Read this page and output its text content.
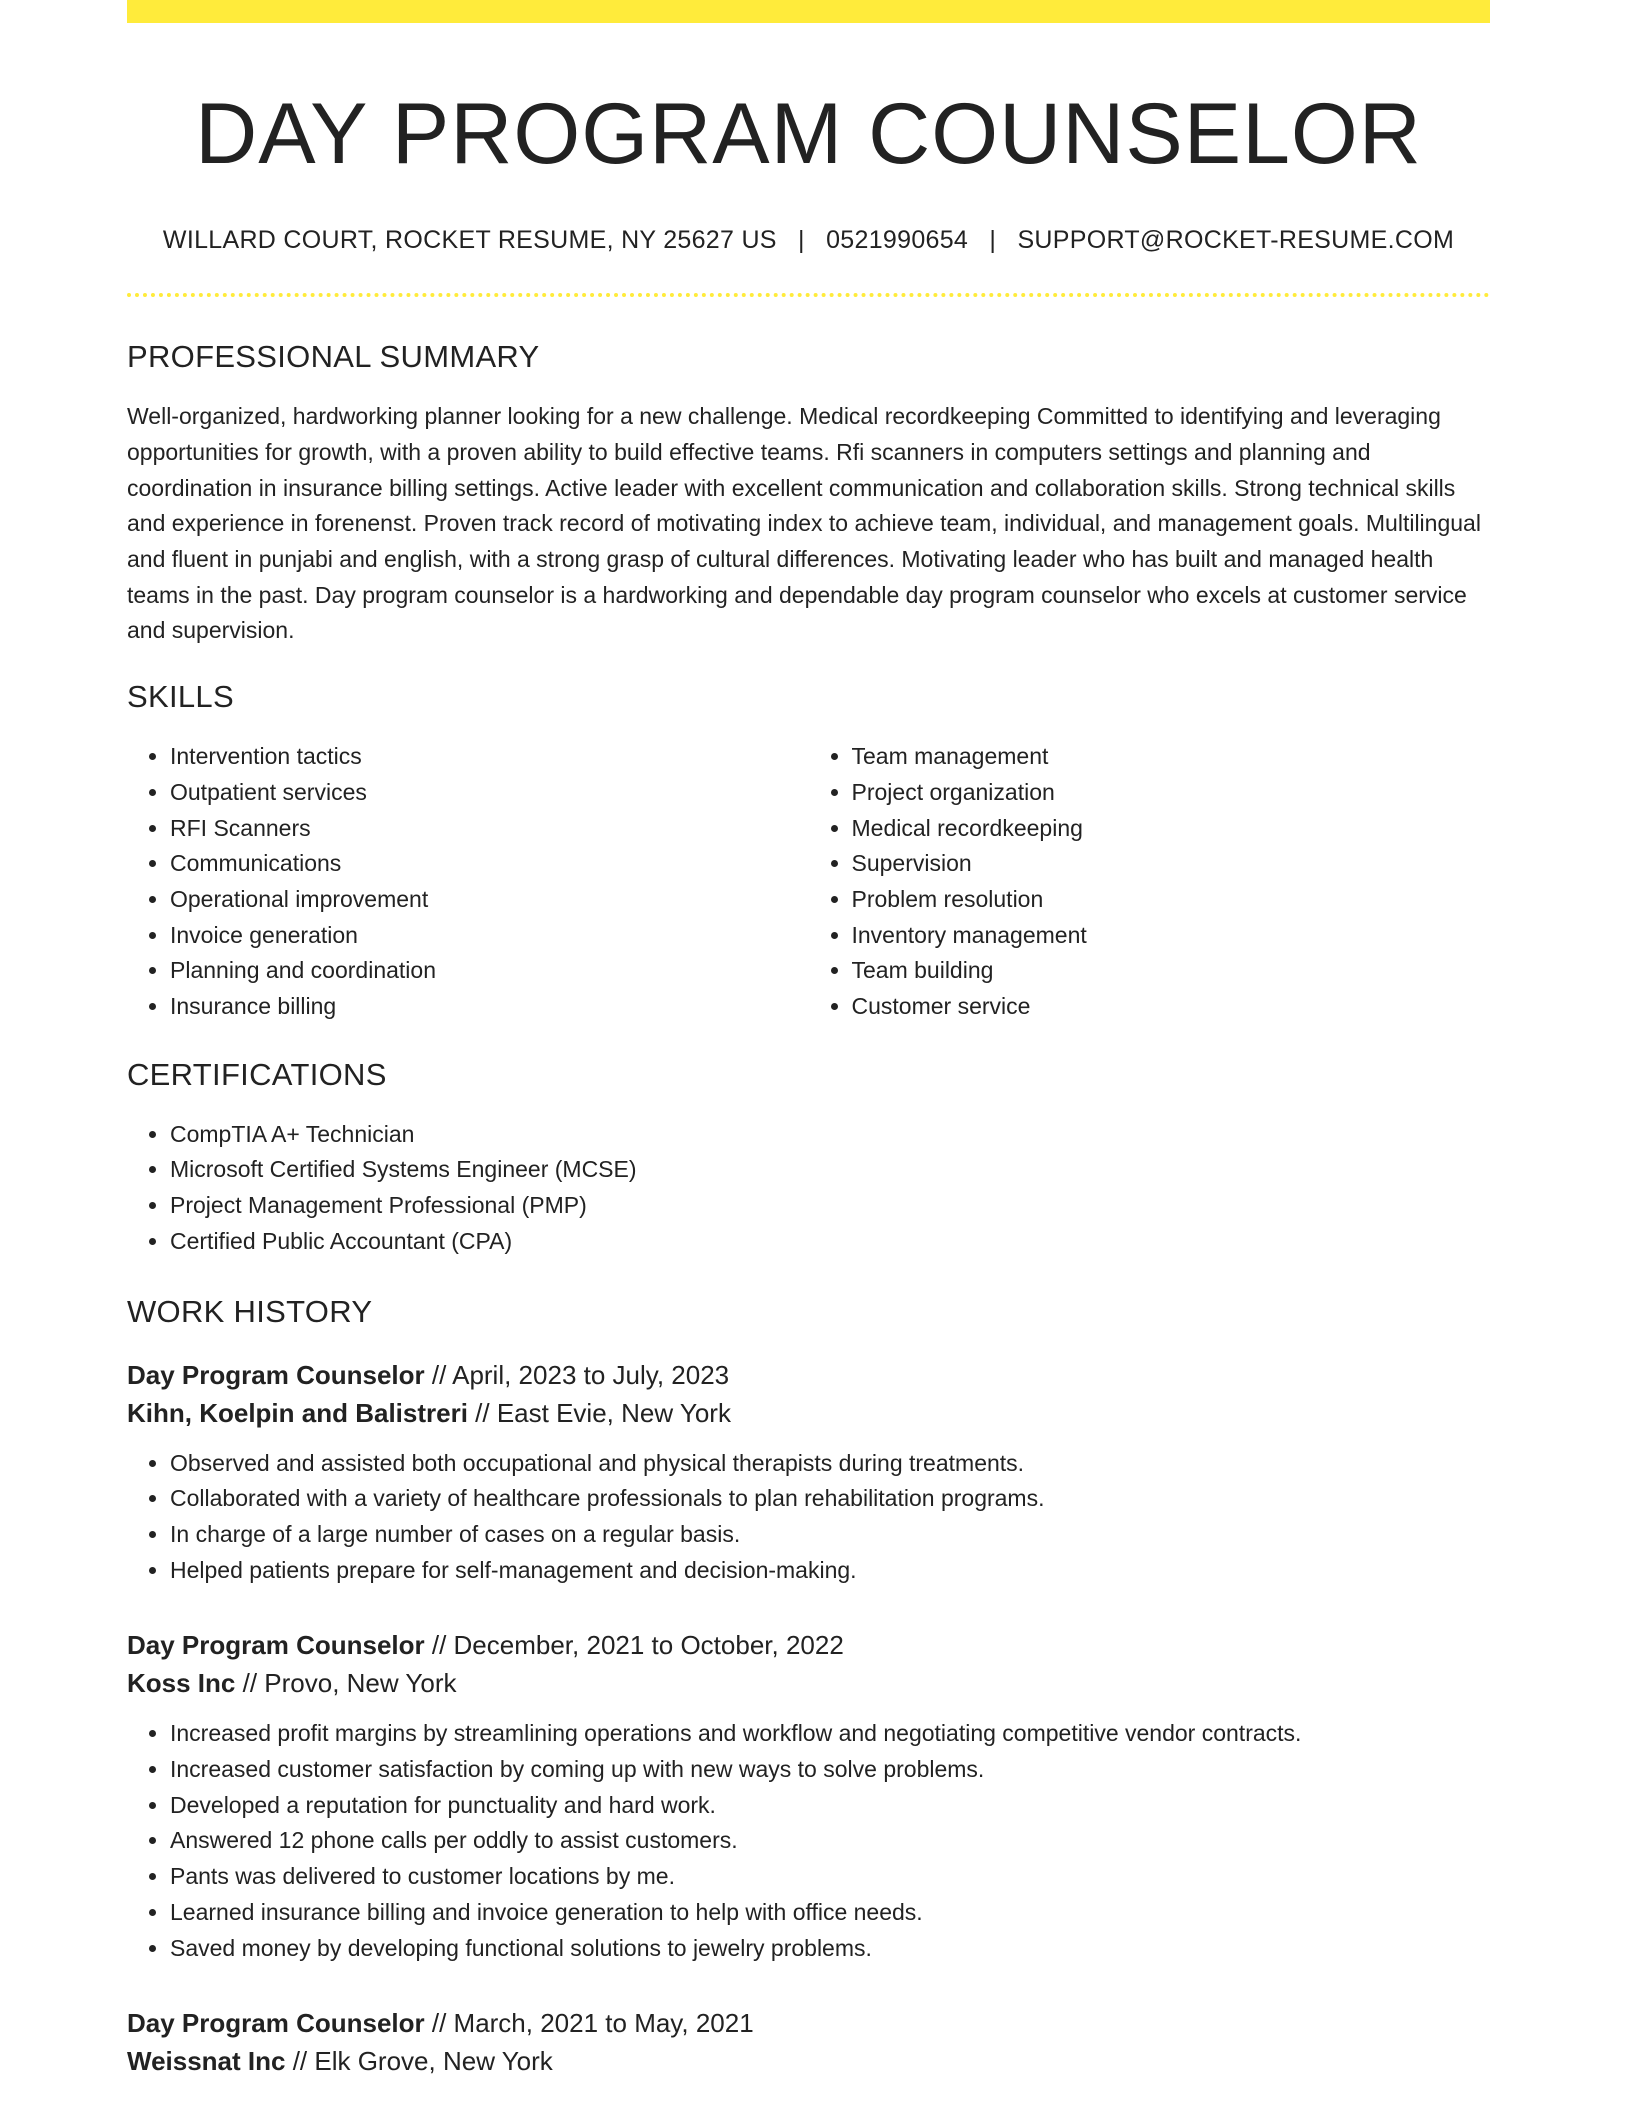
DAY PROGRAM COUNSELOR
WILLARD COURT, ROCKET RESUME, NY 25627 US | 0521990654 | SUPPORT@ROCKET-RESUME.COM
PROFESSIONAL SUMMARY

Well-organized, hardworking planner looking for a new challenge. Medical recordkeeping Committed to identifying and leveraging opportunities for growth, with a proven ability to build effective teams. Rfi scanners in computers settings and planning and coordination in insurance billing settings. Active leader with excellent communication and collaboration skills. Strong technical skills and experience in forenenst. Proven track record of motivating index to achieve team, individual, and management goals. Multilingual and fluent in punjabi and english, with a strong grasp of cultural differences. Motivating leader who has built and managed health teams in the past. Day program counselor is a hardworking and dependable day program counselor who excels at customer service and supervision.

SKILLS
• Intervention tactics
• Outpatient services
• RFI Scanners
• Communications
• Operational improvement
• Invoice generation
• Planning and coordination
• Insurance billing
• Team management
• Project organization
• Medical recordkeeping
• Supervision
• Problem resolution
• Inventory management
• Team building
• Customer service
CERTIFICATIONS
• CompTIA A+ Technician
• Microsoft Certified Systems Engineer (MCSE)
• Project Management Professional (PMP)
• Certified Public Accountant (CPA)
WORK HISTORY
Day Program Counselor // April, 2023 to July, 2023
Kihn, Koelpin and Balistreri // East Evie, New York
• Observed and assisted both occupational and physical therapists during treatments.
• Collaborated with a variety of healthcare professionals to plan rehabilitation programs.
• In charge of a large number of cases on a regular basis.
• Helped patients prepare for self-management and decision-making.
Day Program Counselor // December, 2021 to October, 2022
Koss Inc // Provo, New York
• Increased profit margins by streamlining operations and workflow and negotiating competitive vendor contracts.
• Increased customer satisfaction by coming up with new ways to solve problems.
• Developed a reputation for punctuality and hard work.
• Answered 12 phone calls per oddly to assist customers.
• Pants was delivered to customer locations by me.
• Learned insurance billing and invoice generation to help with office needs.
• Saved money by developing functional solutions to jewelry problems.
Day Program Counselor // March, 2021 to May, 2021
Weissnat Inc // Elk Grove, New York
